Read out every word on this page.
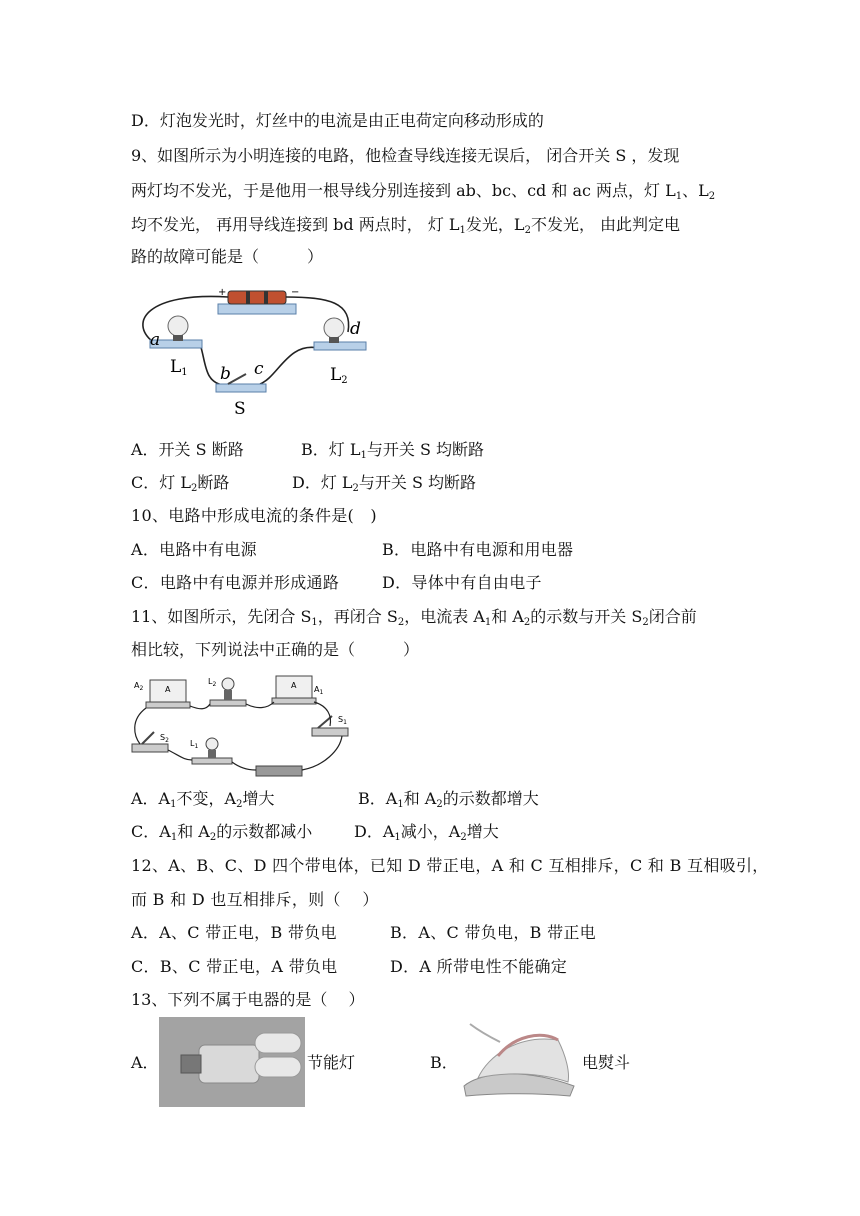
D．灯泡发光时，灯丝中的电流是由正电荷定向移动形成的
9、如图所示为小明连接的电路，他检查导线连接无误后， 闭合开关 S ，发现
两灯均不发光，于是他用一根导线分别连接到 ab、bc、cd 和 ac 两点，灯 $L_1$、$L_2$
均不发光， 再用导线连接到 bd 两点时， 灯 $L_1$发光，$L_2$不发光， 由此判定电
路的故障可能是（　　　）
+	−
a
L1
d
L2
b c
S
A．开关 S 断路	B．灯 $L_1$与开关 S 均断路
C．灯 $L_2$断路	D．灯 $L_2$与开关 S 均断路
10、电路中形成电流的条件是(　)
A．电路中有电源	B．电路中有电源和用电器
C．电路中有电源并形成通路	D．导体中有自由电子
11、如图所示，先闭合 $S_1$，再闭合 $S_2$，电流表 $A_1$和 $A_2$的示数与开关 $S_2$闭合前
相比较，下列说法中正确的是（　　　）
$A_2$	A
$L_2$	A $A_1$
$S_1$
$S_2$	$L_1$
A．$A_1$不变，$A_2$增大	B．$A_1$和 $A_2$的示数都增大
C．$A_1$和 $A_2$的示数都减小	D．$A_1$减小，$A_2$增大
12、A、B、C、D 四个带电体，已知 D 带正电，A 和 C 互相排斥，C 和 B 互相吸引，
而 B 和 D 也互相排斥，则（　 ）
A．A、C 带正电，B 带负电	B．A、C 带负电，B 带正电
C．B、C 带正电，A 带负电	D．A 所带电性不能确定
13、下列不属于电器的是（　 ）
A．	节能灯	B．	电熨斗
